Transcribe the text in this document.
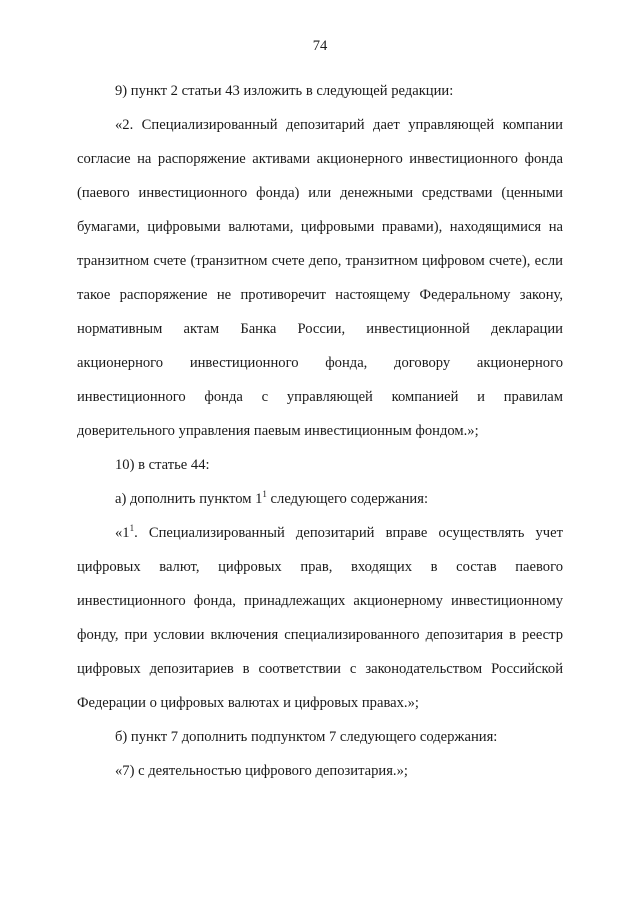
74

9) пункт 2 статьи 43 изложить в следующей редакции:

«2. Специализированный депозитарий дает управляющей компании согласие на распоряжение активами акционерного инвестиционного фонда (паевого инвестиционного фонда) или денежными средствами (ценными бумагами, цифровыми валютами, цифровыми правами), находящимися на транзитном счете (транзитном счете депо, транзитном цифровом счете), если такое распоряжение не противоречит настоящему Федеральному закону, нормативным актам Банка России, инвестиционной декларации акционерного инвестиционного фонда, договору акционерного инвестиционного фонда с управляющей компанией и правилам доверительного управления паевым инвестиционным фондом.»;

10) в статье 44:

а) дополнить пунктом $1^1$ следующего содержания:

«$1^1$. Специализированный депозитарий вправе осуществлять учет цифровых валют, цифровых прав, входящих в состав паевого инвестиционного фонда, принадлежащих акционерному инвестиционному фонду, при условии включения специализированного депозитария в реестр цифровых депозитариев в соответствии с законодательством Российской Федерации о цифровых валютах и цифровых правах.»;

б) пункт 7 дополнить подпунктом 7 следующего содержания:

«7) с деятельностью цифрового депозитария.»;
